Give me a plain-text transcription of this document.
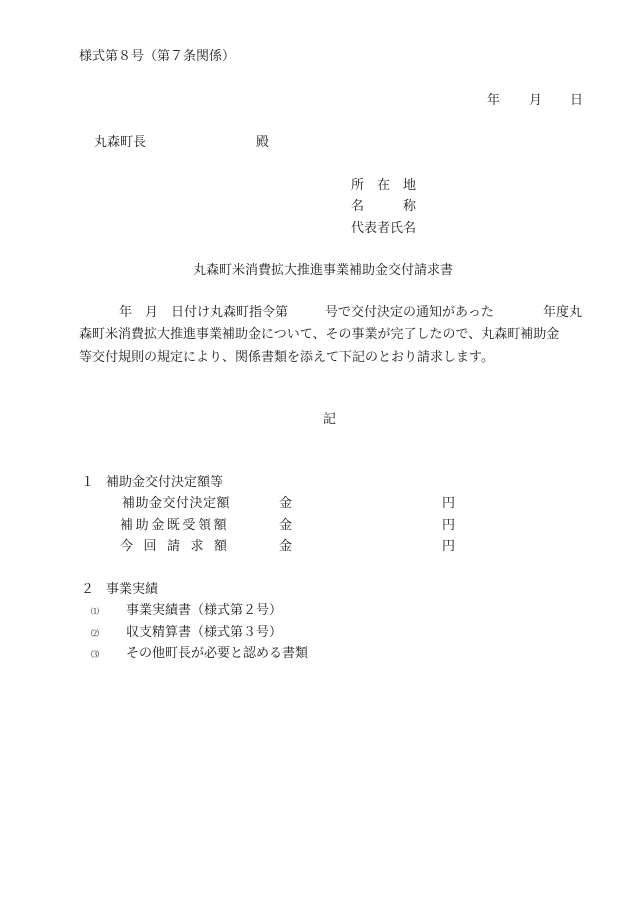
様式第８号（第７条関係）
年 月 日
丸森町長	殿
所　在　地
名　　　称
代表者氏名
丸森町米消費拡大推進事業補助金交付請求書
年　月　日付け丸森町指令第	号で交付決定の通知があった	年度丸
森町米消費拡大推進事業補助金について、その事業が完了したので、丸森町補助金
等交付規則の規定により、関係書類を添えて下記のとおり請求します。
記
１ 補助金交付決定額等
補助金交付決定額	金	円
補助金既受領額	金	円
今回請求額	金	円
２ 事業実績
⑴ 事業実績書（様式第２号）
⑵ 収支精算書（様式第３号）
⑶ その他町長が必要と認める書類
